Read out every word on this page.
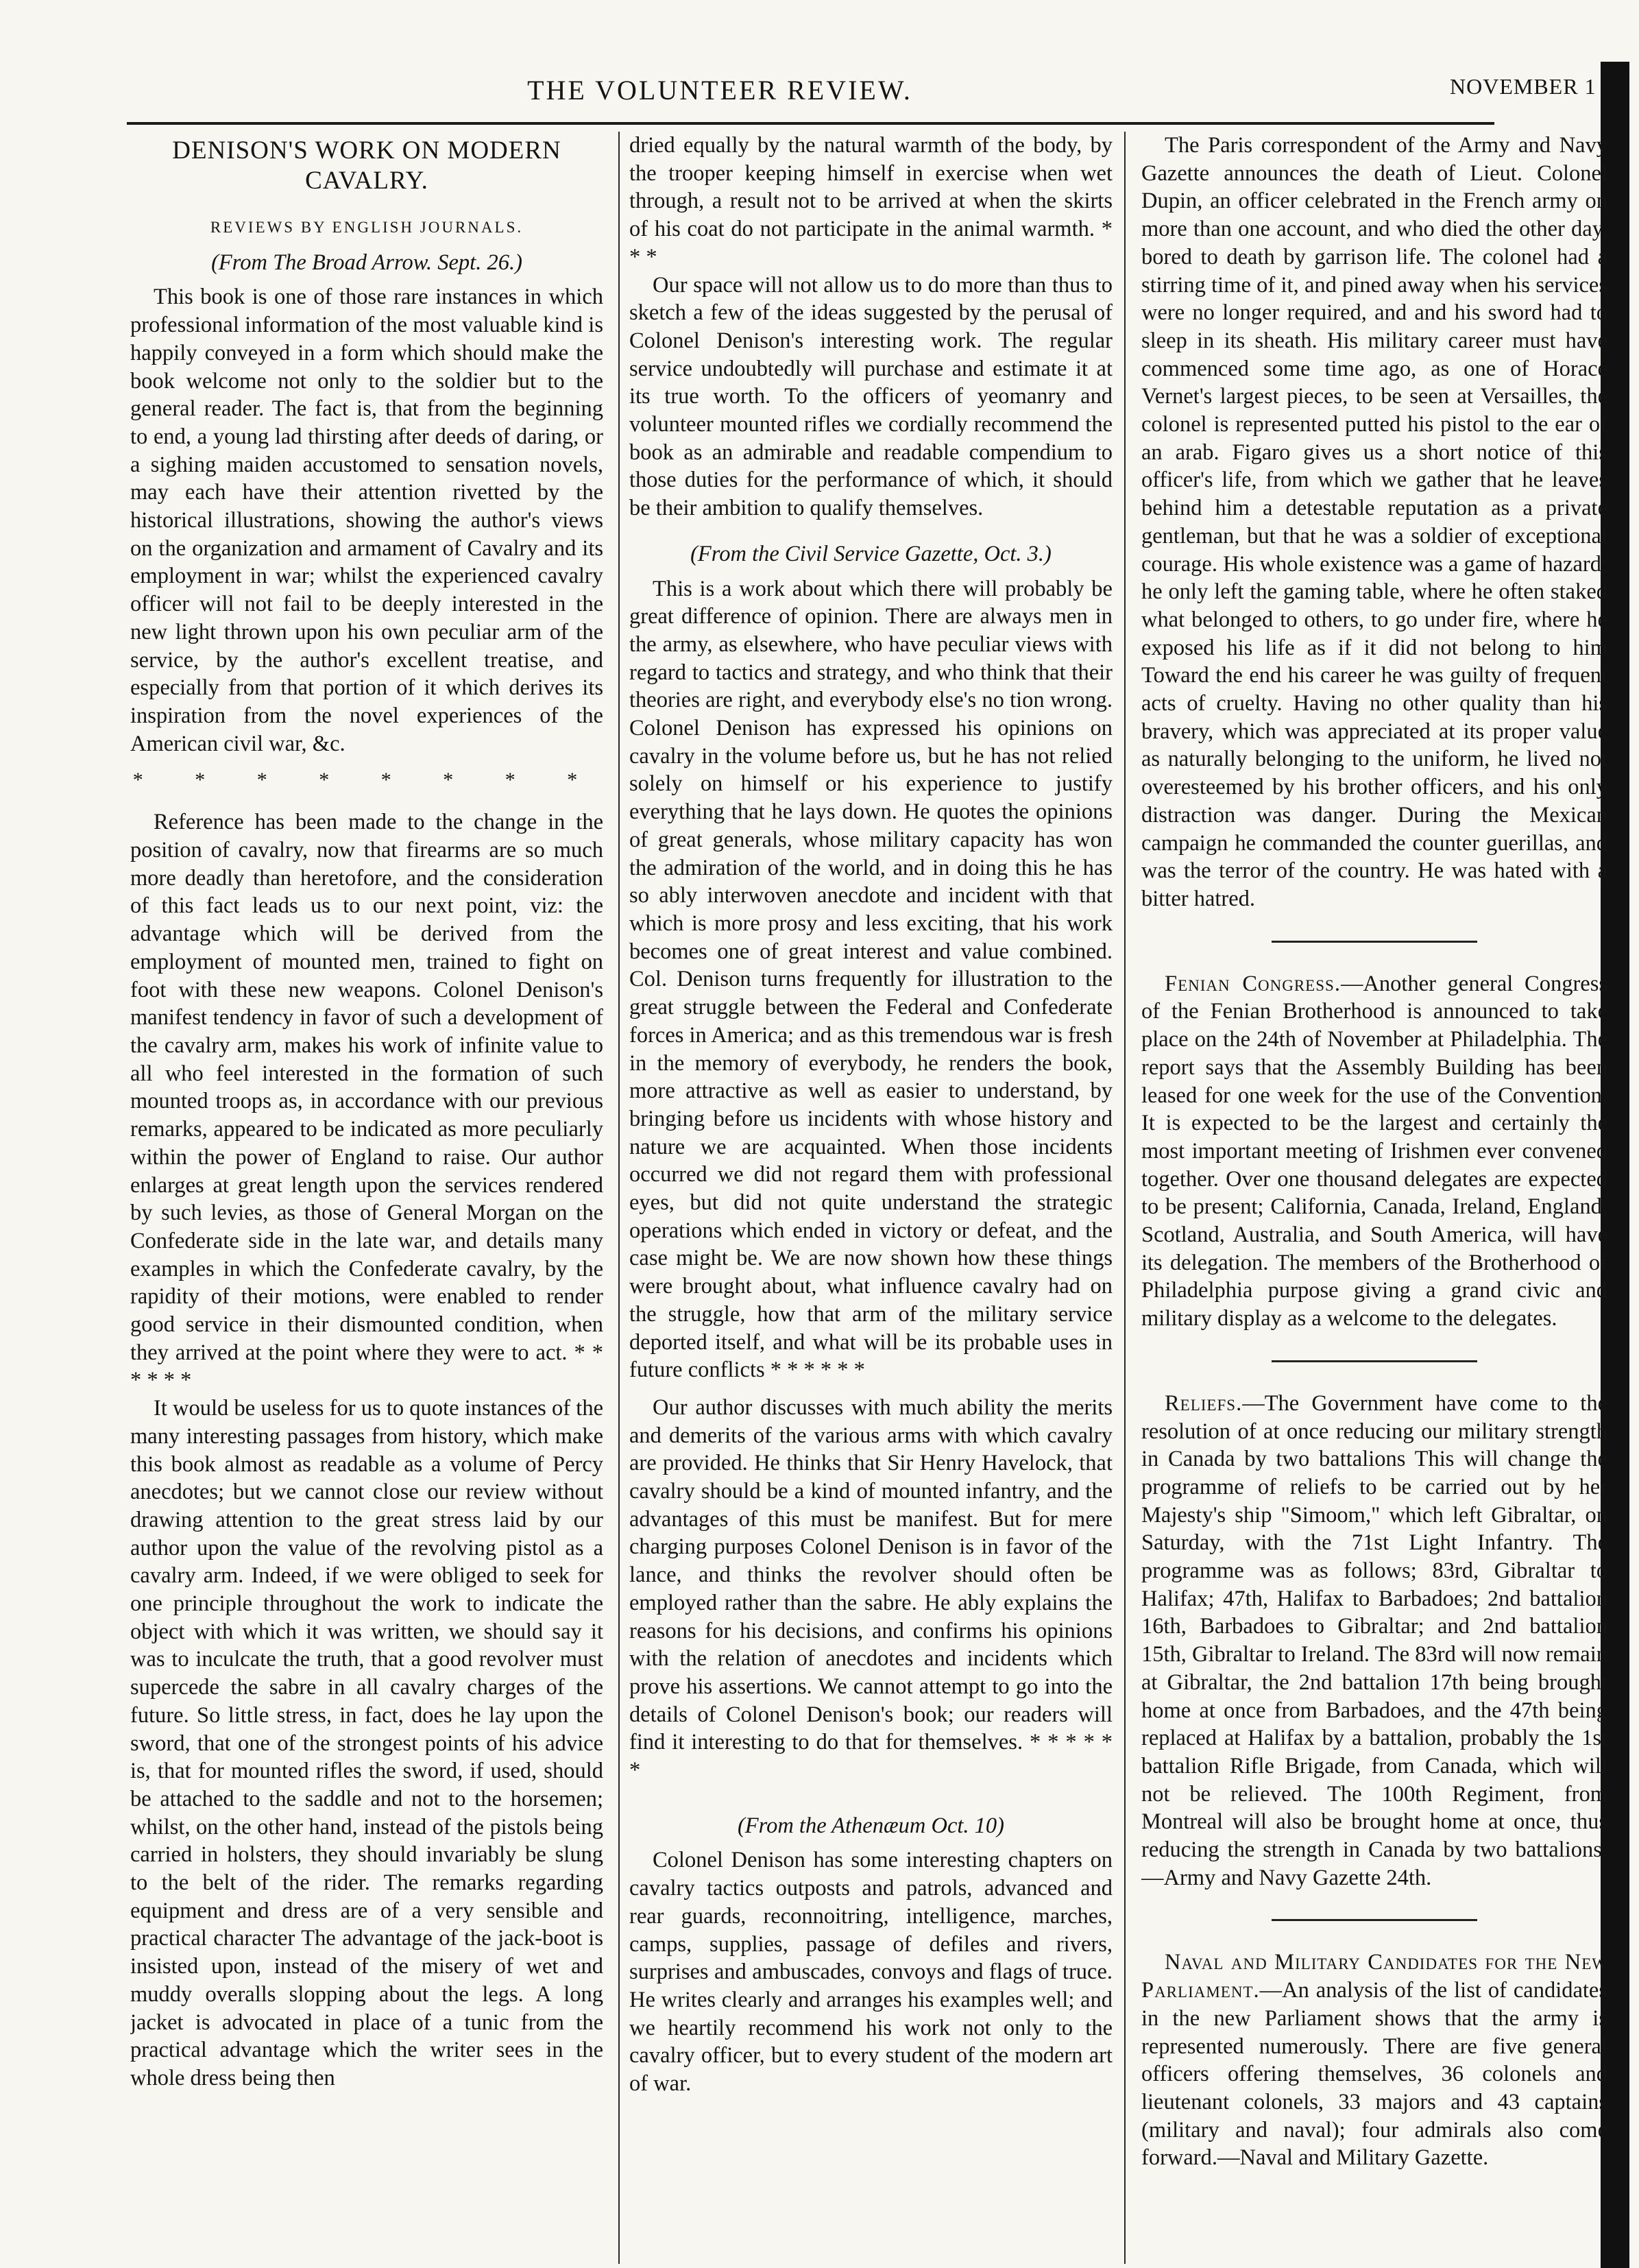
THE VOLUNTEER REVIEW.	NOVEMBER 1
DENISON'S WORK ON MODERN CAVALRY.
REVIEWS BY ENGLISH JOURNALS.
(From The Broad Arrow. Sept. 26.)

This book is one of those rare instances in which professional information of the most valuable kind is happily conveyed in a form which should make the book welcome not only to the soldier but to the general reader. The fact is, that from the beginning to end, a young lad thirsting after deeds of daring, or a sighing maiden accustomed to sensation novels, may each have their attention rivetted by the historical illustrations, showing the author's views on the organization and armament of Cavalry and its employment in war; whilst the experienced cavalry officer will not fail to be deeply interested in the new light thrown upon his own peculiar arm of the service, by the author's excellent treatise, and especially from that portion of it which derives its inspiration from the novel experiences of the American civil war, &c.

* * * * * * * *

Reference has been made to the change in the position of cavalry, now that firearms are so much more deadly than heretofore, and the consideration of this fact leads us to our next point, viz: the advantage which will be derived from the employment of mounted men, trained to fight on foot with these new weapons. Colonel Denison's manifest tendency in favor of such a development of the cavalry arm, makes his work of infinite value to all who feel interested in the formation of such mounted troops as, in accordance with our previous remarks, appeared to be indicated as more peculiarly within the power of England to raise. Our author enlarges at great length upon the services rendered by such levies, as those of General Morgan on the Confederate side in the late war, and details many examples in which the Confederate cavalry, by the rapidity of their motions, were enabled to render good service in their dismounted condition, when they arrived at the point where they were to act. * * * * * *

It would be useless for us to quote instances of the many interesting passages from history, which make this book almost as readable as a volume of Percy anecdotes; but we cannot close our review without drawing attention to the great stress laid by our author upon the value of the revolving pistol as a cavalry arm. Indeed, if we were obliged to seek for one principle throughout the work to indicate the object with which it was written, we should say it was to inculcate the truth, that a good revolver must supercede the sabre in all cavalry charges of the future. So little stress, in fact, does he lay upon the sword, that one of the strongest points of his advice is, that for mounted rifles the sword, if used, should be attached to the saddle and not to the horsemen; whilst, on the other hand, instead of the pistols being carried in holsters, they should invariably be slung to the belt of the rider. The remarks regarding equipment and dress are of a very sensible and practical character The advantage of the jack-boot is insisted upon, instead of the misery of wet and muddy overalls slopping about the legs. A long jacket is advocated in place of a tunic from the practical advantage which the writer sees in the whole dress being then

dried equally by the natural warmth of the body, by the trooper keeping himself in exercise when wet through, a result not to be arrived at when the skirts of his coat do not participate in the animal warmth. * * *

Our space will not allow us to do more than thus to sketch a few of the ideas suggested by the perusal of Colonel Denison's interesting work. The regular service undoubtedly will purchase and estimate it at its true worth. To the officers of yeomanry and volunteer mounted rifles we cordially recommend the book as an admirable and readable compendium to those duties for the performance of which, it should be their ambition to qualify themselves.

(From the Civil Service Gazette, Oct. 3.)

This is a work about which there will probably be great difference of opinion. There are always men in the army, as elsewhere, who have peculiar views with regard to tactics and strategy, and who think that their theories are right, and everybody else's no tion wrong. Colonel Denison has expressed his opinions on cavalry in the volume before us, but he has not relied solely on himself or his experience to justify everything that he lays down. He quotes the opinions of great generals, whose military capacity has won the admiration of the world, and in doing this he has so ably interwoven anecdote and incident with that which is more prosy and less exciting, that his work becomes one of great interest and value combined. Col. Denison turns frequently for illustration to the great struggle between the Federal and Confederate forces in America; and as this tremendous war is fresh in the memory of everybody, he renders the book, more attractive as well as easier to understand, by bringing before us incidents with whose history and nature we are acquainted. When those incidents occurred we did not regard them with professional eyes, but did not quite understand the strategic operations which ended in victory or defeat, and the case might be. We are now shown how these things were brought about, what influence cavalry had on the struggle, how that arm of the military service deported itself, and what will be its probable uses in future conflicts * * * * * *

Our author discusses with much ability the merits and demerits of the various arms with which cavalry are provided. He thinks that Sir Henry Havelock, that cavalry should be a kind of mounted infantry, and the advantages of this must be manifest. But for mere charging purposes Colonel Denison is in favor of the lance, and thinks the revolver should often be employed rather than the sabre. He ably explains the reasons for his decisions, and confirms his opinions with the relation of anecdotes and incidents which prove his assertions. We cannot attempt to go into the details of Colonel Denison's book; our readers will find it interesting to do that for themselves. * * * * * *

(From the Athenæum Oct. 10)

Colonel Denison has some interesting chapters on cavalry tactics outposts and patrols, advanced and rear guards, reconnoitring, intelligence, marches, camps, supplies, passage of defiles and rivers, surprises and ambuscades, convoys and flags of truce. He writes clearly and arranges his examples well; and we heartily recommend his work not only to the cavalry officer, but to every student of the modern art of war.

The Paris correspondent of the Army and Navy Gazette announces the death of Lieut. Colonel Dupin, an officer celebrated in the French army on more than one account, and who died the other day, bored to death by garrison life. The colonel had a stirring time of it, and pined away when his services were no longer required, and and his sword had to sleep in its sheath. His military career must have commenced some time ago, as one of Horace Vernet's largest pieces, to be seen at Versailles, the colonel is represented putted his pistol to the ear of an arab. Figaro gives us a short notice of this officer's life, from which we gather that he leaves behind him a detestable reputation as a private gentleman, but that he was a soldier of exceptional courage. His whole existence was a game of hazard; he only left the gaming table, where he often staked what belonged to others, to go under fire, where he exposed his life as if it did not belong to him Toward the end his career he was guilty of frequent acts of cruelty. Having no other quality than his bravery, which was appreciated at its proper value as naturally belonging to the uniform, he lived not overesteemed by his brother officers, and his only distraction was danger. During the Mexican campaign he commanded the counter guerillas, and was the terror of the country. He was hated with a bitter hatred.

Fenian Congress.—Another general Congress of the Fenian Brotherhood is announced to take place on the 24th of November at Philadelphia. The report says that the Assembly Building has been leased for one week for the use of the Convention. It is expected to be the largest and certainly the most important meeting of Irishmen ever convened together. Over one thousand delegates are expected to be present; California, Canada, Ireland, England, Scotland, Australia, and South America, will have its delegation. The members of the Brotherhood of Philadelphia purpose giving a grand civic and military display as a welcome to the delegates.

Reliefs.—The Government have come to the resolution of at once reducing our military strength in Canada by two battalions This will change the programme of reliefs to be carried out by her Majesty's ship "Simoom," which left Gibraltar, on Saturday, with the 71st Light Infantry. The programme was as follows; 83rd, Gibraltar to Halifax; 47th, Halifax to Barbadoes; 2nd battalion 16th, Barbadoes to Gibraltar; and 2nd battalion 15th, Gibraltar to Ireland. The 83rd will now remain at Gibraltar, the 2nd battalion 17th being brought home at once from Barbadoes, and the 47th being replaced at Halifax by a battalion, probably the 1st battalion Rifle Brigade, from Canada, which will not be relieved. The 100th Regiment, from Montreal will also be brought home at once, thus reducing the strength in Canada by two battalions.—Army and Navy Gazette 24th.

Naval and Military Candidates for the New Parliament.—An analysis of the list of candidates in the new Parliament shows that the army is represented numerously. There are five general officers offering themselves, 36 colonels and lieutenant colonels, 33 majors and 43 captains (military and naval); four admirals also come forward.—Naval and Military Gazette.
